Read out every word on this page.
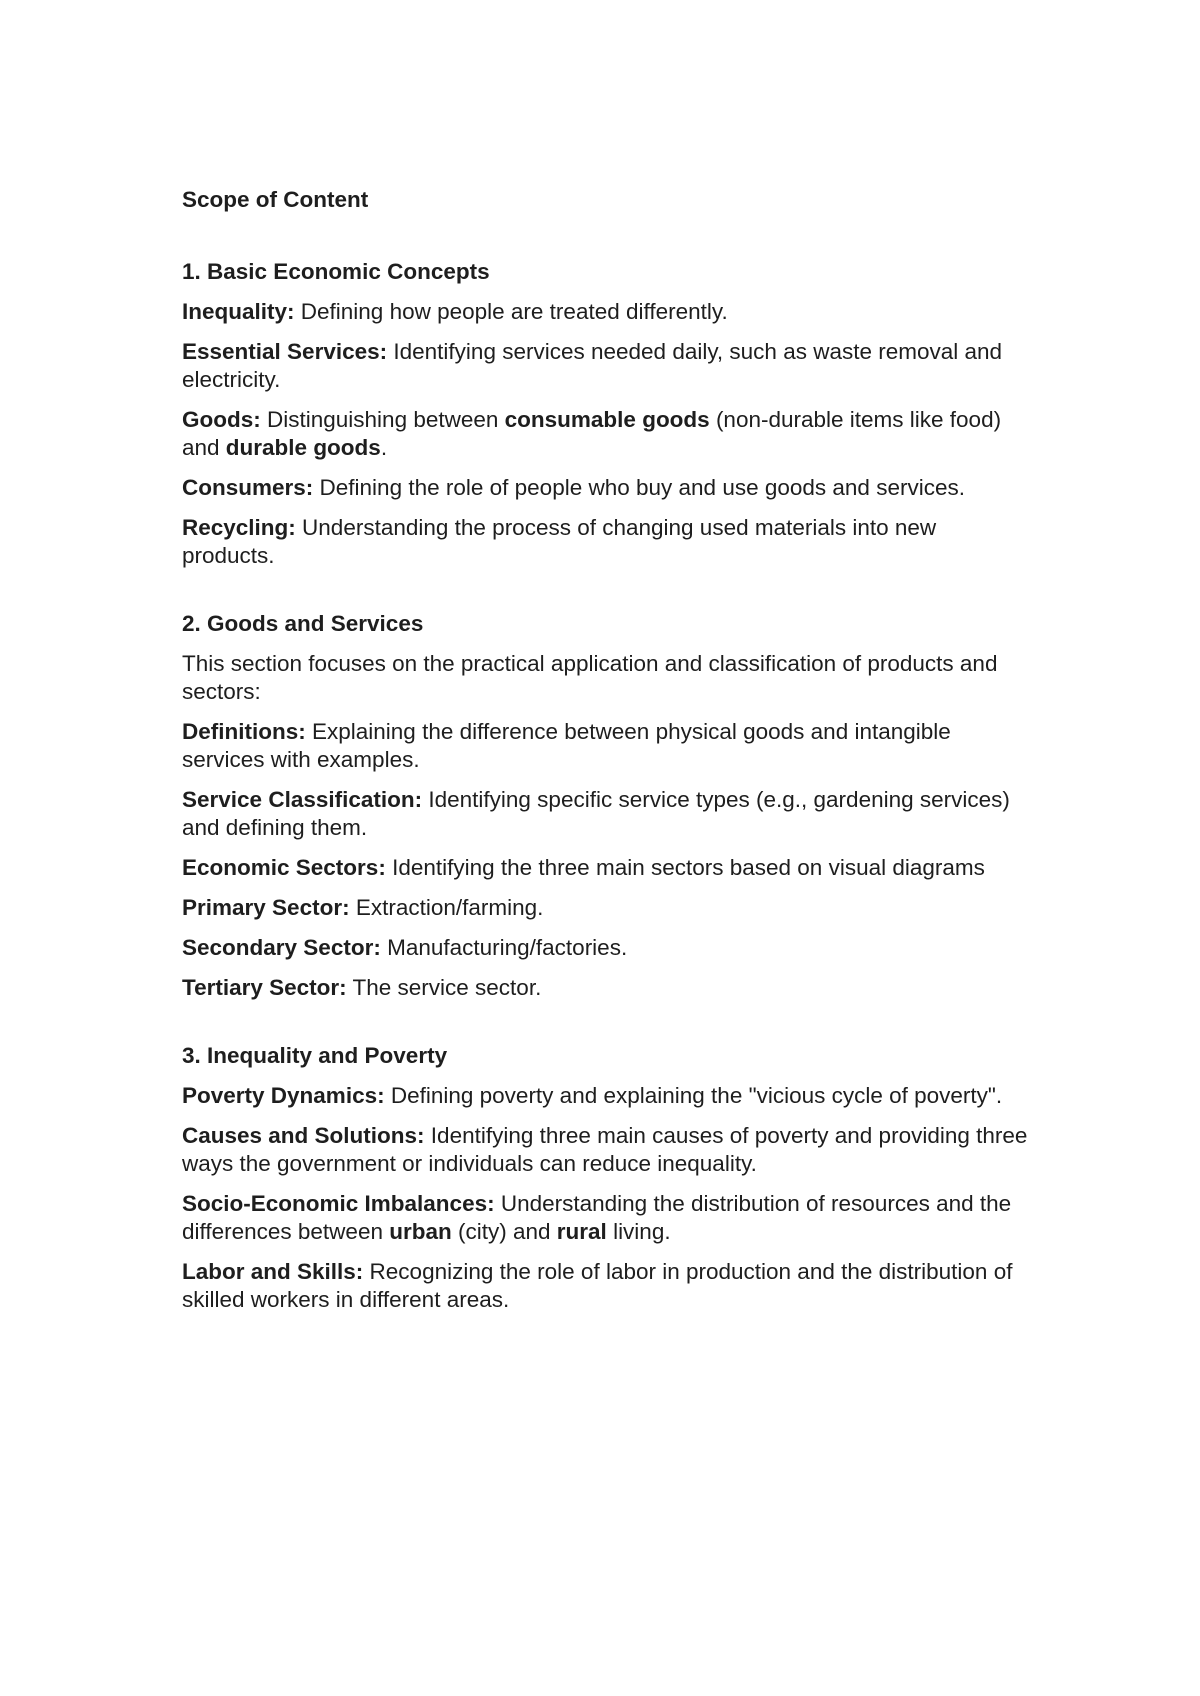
Scope of Content
1. Basic Economic Concepts

Inequality: Defining how people are treated differently.

Essential Services: Identifying services needed daily, such as waste removal and electricity.

Goods: Distinguishing between consumable goods (non-durable items like food) and durable goods.

Consumers: Defining the role of people who buy and use goods and services.

Recycling: Understanding the process of changing used materials into new products.

2. Goods and Services

This section focuses on the practical application and classification of products and sectors:

Definitions: Explaining the difference between physical goods and intangible services with examples.

Service Classification: Identifying specific service types (e.g., gardening services) and defining them.

Economic Sectors: Identifying the three main sectors based on visual diagrams

Primary Sector: Extraction/farming.

Secondary Sector: Manufacturing/factories.

Tertiary Sector: The service sector.

3. Inequality and Poverty

Poverty Dynamics: Defining poverty and explaining the "vicious cycle of poverty".

Causes and Solutions: Identifying three main causes of poverty and providing three ways the government or individuals can reduce inequality.

Socio-Economic Imbalances: Understanding the distribution of resources and the differences between urban (city) and rural living.

Labor and Skills: Recognizing the role of labor in production and the distribution of skilled workers in different areas.
